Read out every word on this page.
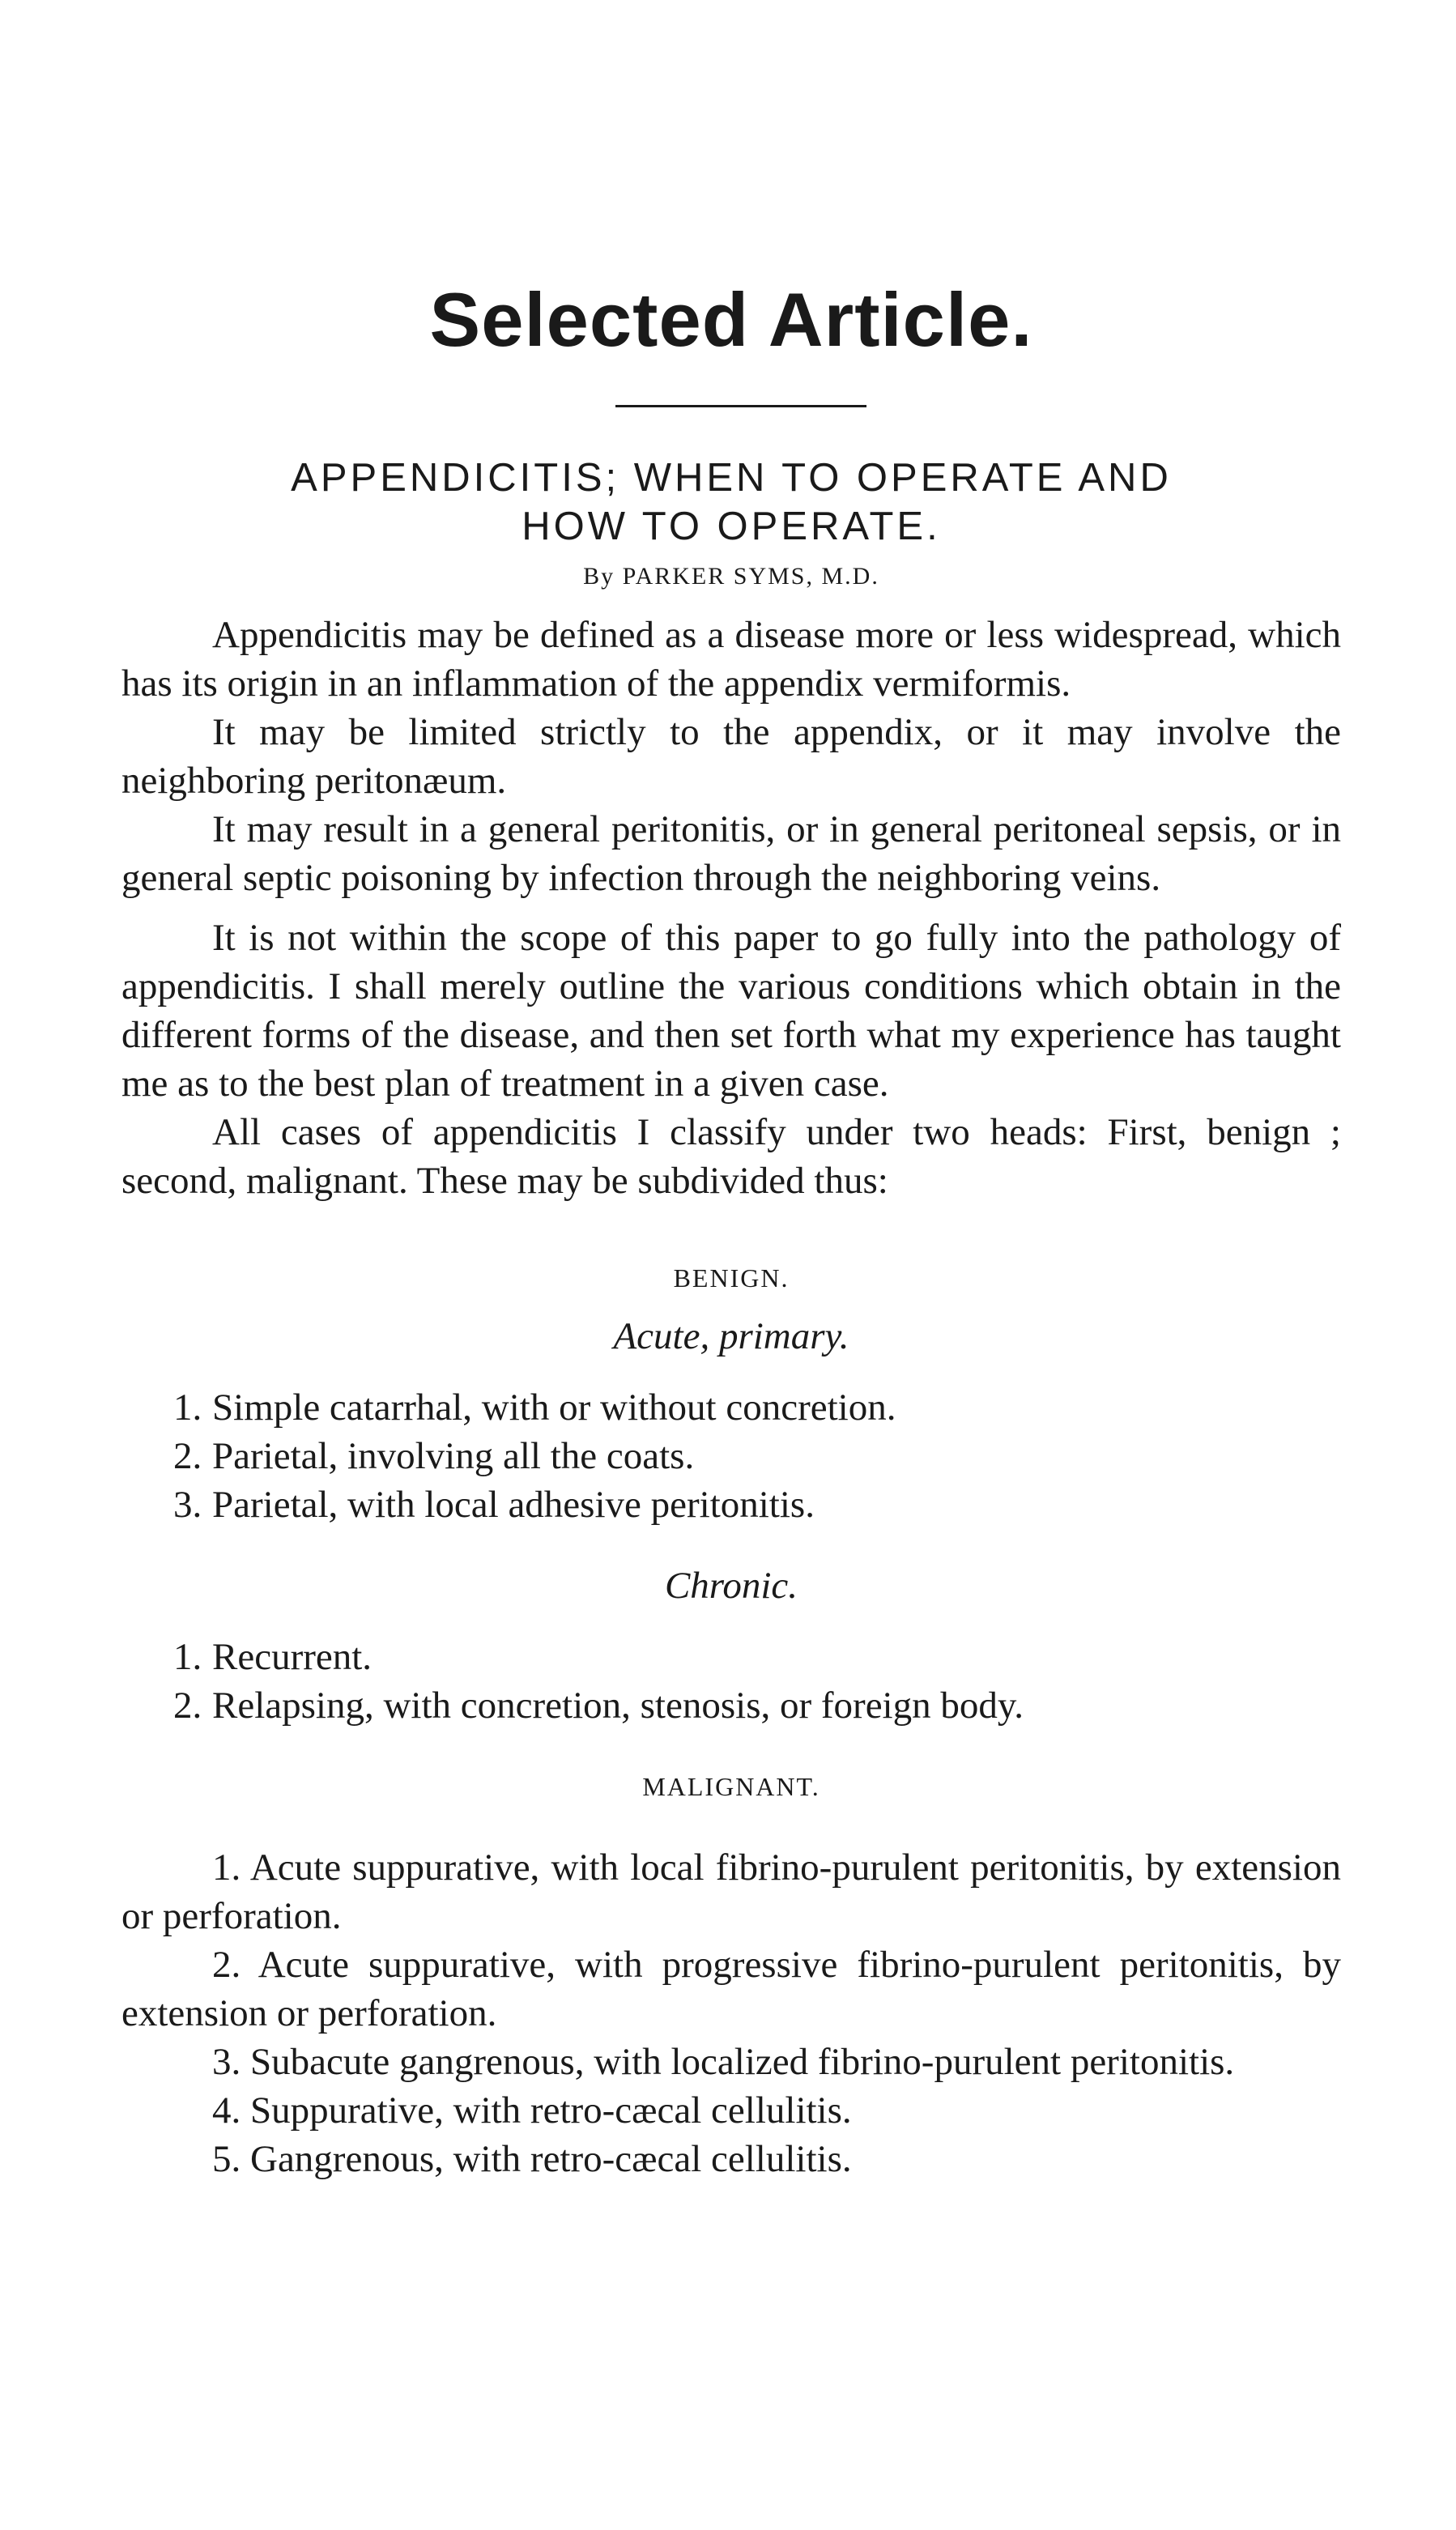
Selected Article.
APPENDICITIS; WHEN TO OPERATE AND
HOW TO OPERATE.
By PARKER SYMS, M.D.

Appendicitis may be defined as a disease more or less widespread, which has its origin in an inflammation of the appendix vermiformis.

It may be limited strictly to the appendix, or it may involve the neighboring peritonæum.

It may result in a general peritonitis, or in general peritoneal sepsis, or in general septic poisoning by infection through the neighboring veins.

It is not within the scope of this paper to go fully into the pathology of appendicitis. I shall merely outline the various conditions which obtain in the different forms of the disease, and then set forth what my experience has taught me as to the best plan of treatment in a given case.

All cases of appendicitis I classify under two heads: First, benign ; second, malignant. These may be subdivided thus:

BENIGN.

Acute, primary.

1. Simple catarrhal, with or without concretion.

2. Parietal, involving all the coats.

3. Parietal, with local adhesive peritonitis.

Chronic.

1. Recurrent.

2. Relapsing, with concretion, stenosis, or foreign body.

MALIGNANT.

1. Acute suppurative, with local fibrino-purulent peritonitis, by extension or perforation.

2. Acute suppurative, with progressive fibrino-purulent peritonitis, by extension or perforation.

3. Subacute gangrenous, with localized fibrino-purulent peritonitis.

4. Suppurative, with retro-cæcal cellulitis.

5. Gangrenous, with retro-cæcal cellulitis.
